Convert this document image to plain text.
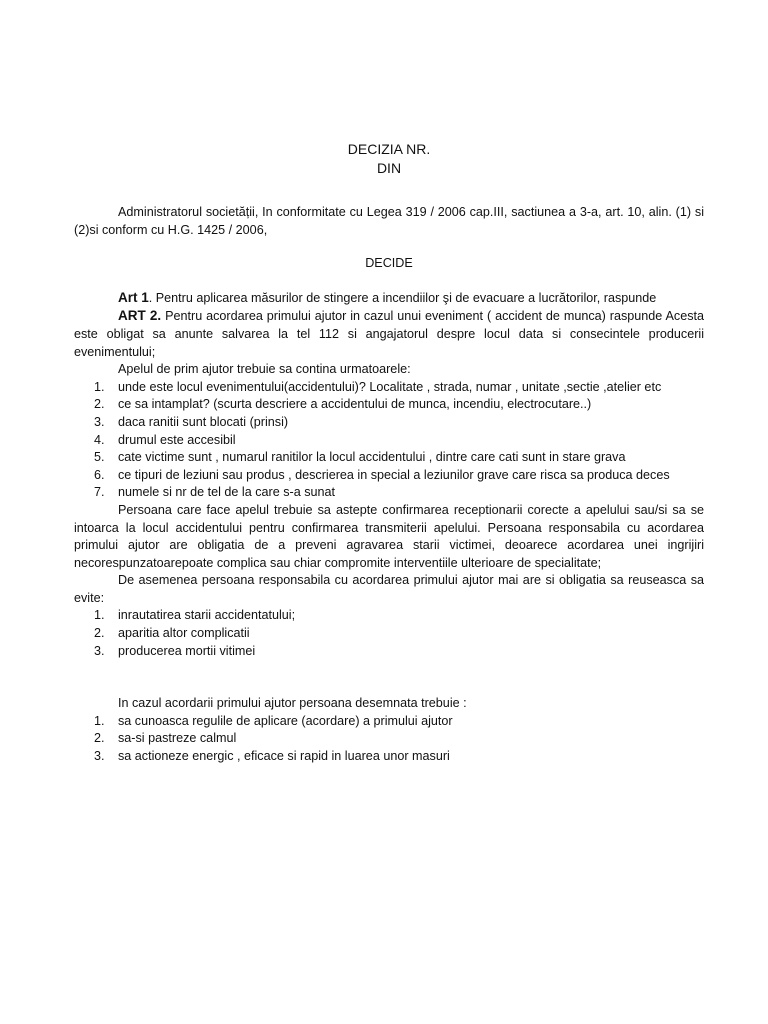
DECIZIA NR.
DIN

Administratorul societății, In conformitate cu Legea 319 / 2006 cap.III, sactiunea a 3-a, art. 10, alin. (1) si (2)si conform cu H.G. 1425 / 2006,

DECIDE

Art 1. Pentru aplicarea măsurilor de stingere a incendiilor şi de evacuare a lucrătorilor, raspunde

ART 2. Pentru acordarea primului ajutor in cazul unui eveniment ( accident de munca) raspunde Acesta este obligat sa anunte salvarea la tel 112 si angajatorul despre locul data si consecintele producerii evenimentului;

Apelul de prim ajutor trebuie sa contina urmatoarele:

1. unde este locul evenimentului(accidentului)? Localitate , strada, numar , unitate ,sectie ,atelier etc
2. ce sa intamplat? (scurta descriere a accidentului de munca, incendiu, electrocutare..)
3. daca ranitii sunt blocati (prinsi)
4. drumul este accesibil
5. cate victime sunt , numarul ranitilor la locul accidentului , dintre care cati sunt in stare grava
6. ce tipuri de leziuni sau produs , descrierea in special a leziunilor grave care risca sa produca deces
7. numele si nr de tel de la care s-a sunat

Persoana care face apelul trebuie sa astepte confirmarea receptionarii corecte a apelului sau/si sa se intoarca la locul accidentului pentru confirmarea transmiterii apelului. Persoana responsabila cu acordarea primului ajutor are obligatia de a preveni agravarea starii victimei, deoarece acordarea unei ingrijiri necorespunzatoarepoate complica sau chiar compromite interventiile ulterioare de specialitate;

De asemenea persoana responsabila cu acordarea primului ajutor mai are si obligatia sa reuseasca sa evite:

1. inrautatirea starii accidentatului;
2. aparitia altor complicatii
3. producerea mortii vitimei

In cazul acordarii primului ajutor persoana desemnata trebuie :

1. sa cunoasca regulile de aplicare (acordare) a primului ajutor
2. sa-si pastreze calmul
3. sa actioneze energic , eficace si rapid in luarea unor masuri
